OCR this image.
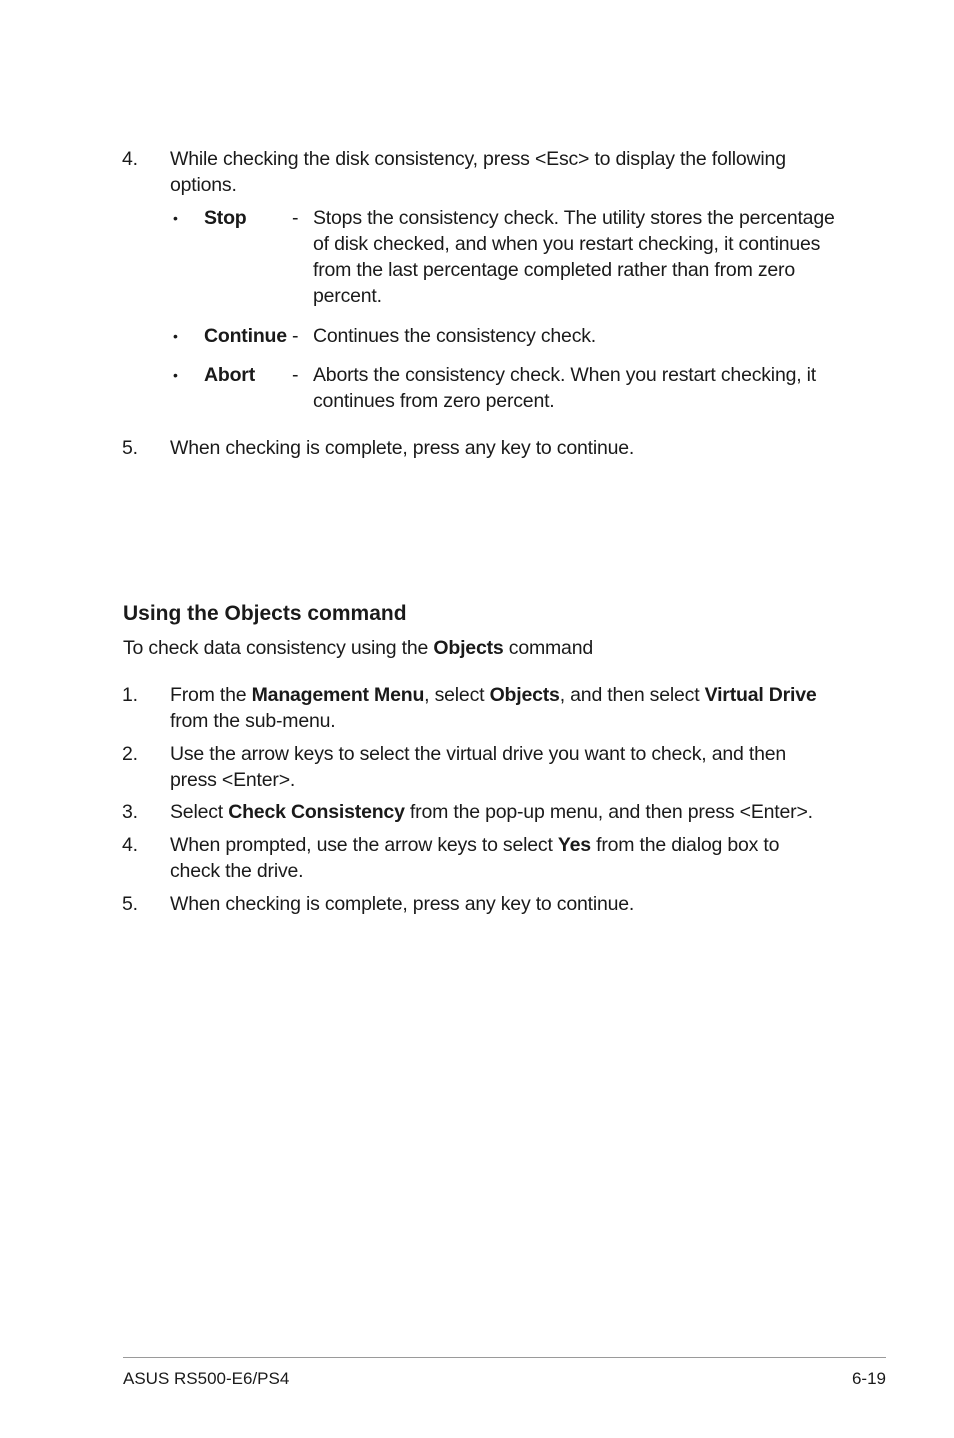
4.	While checking the disk consistency, press <Esc> to display the following options.
• Stop - Stops the consistency check. The utility stores the percentage of disk checked, and when you restart checking, it continues from the last percentage completed rather than from zero percent.
• Continue - Continues the consistency check.
• Abort - Aborts the consistency check. When you restart checking, it continues from zero percent.
5.	When checking is complete, press any key to continue.
Using the Objects command
To check data consistency using the Objects command
1.	From the Management Menu, select Objects, and then select Virtual Drive from the sub-menu.
2.	Use the arrow keys to select the virtual drive you want to check, and then press <Enter>.
3.	Select Check Consistency from the pop-up menu, and then press <Enter>.
4.	When prompted, use the arrow keys to select Yes from the dialog box to check the drive.
5.	When checking is complete, press any key to continue.
ASUS RS500-E6/PS4	6-19
